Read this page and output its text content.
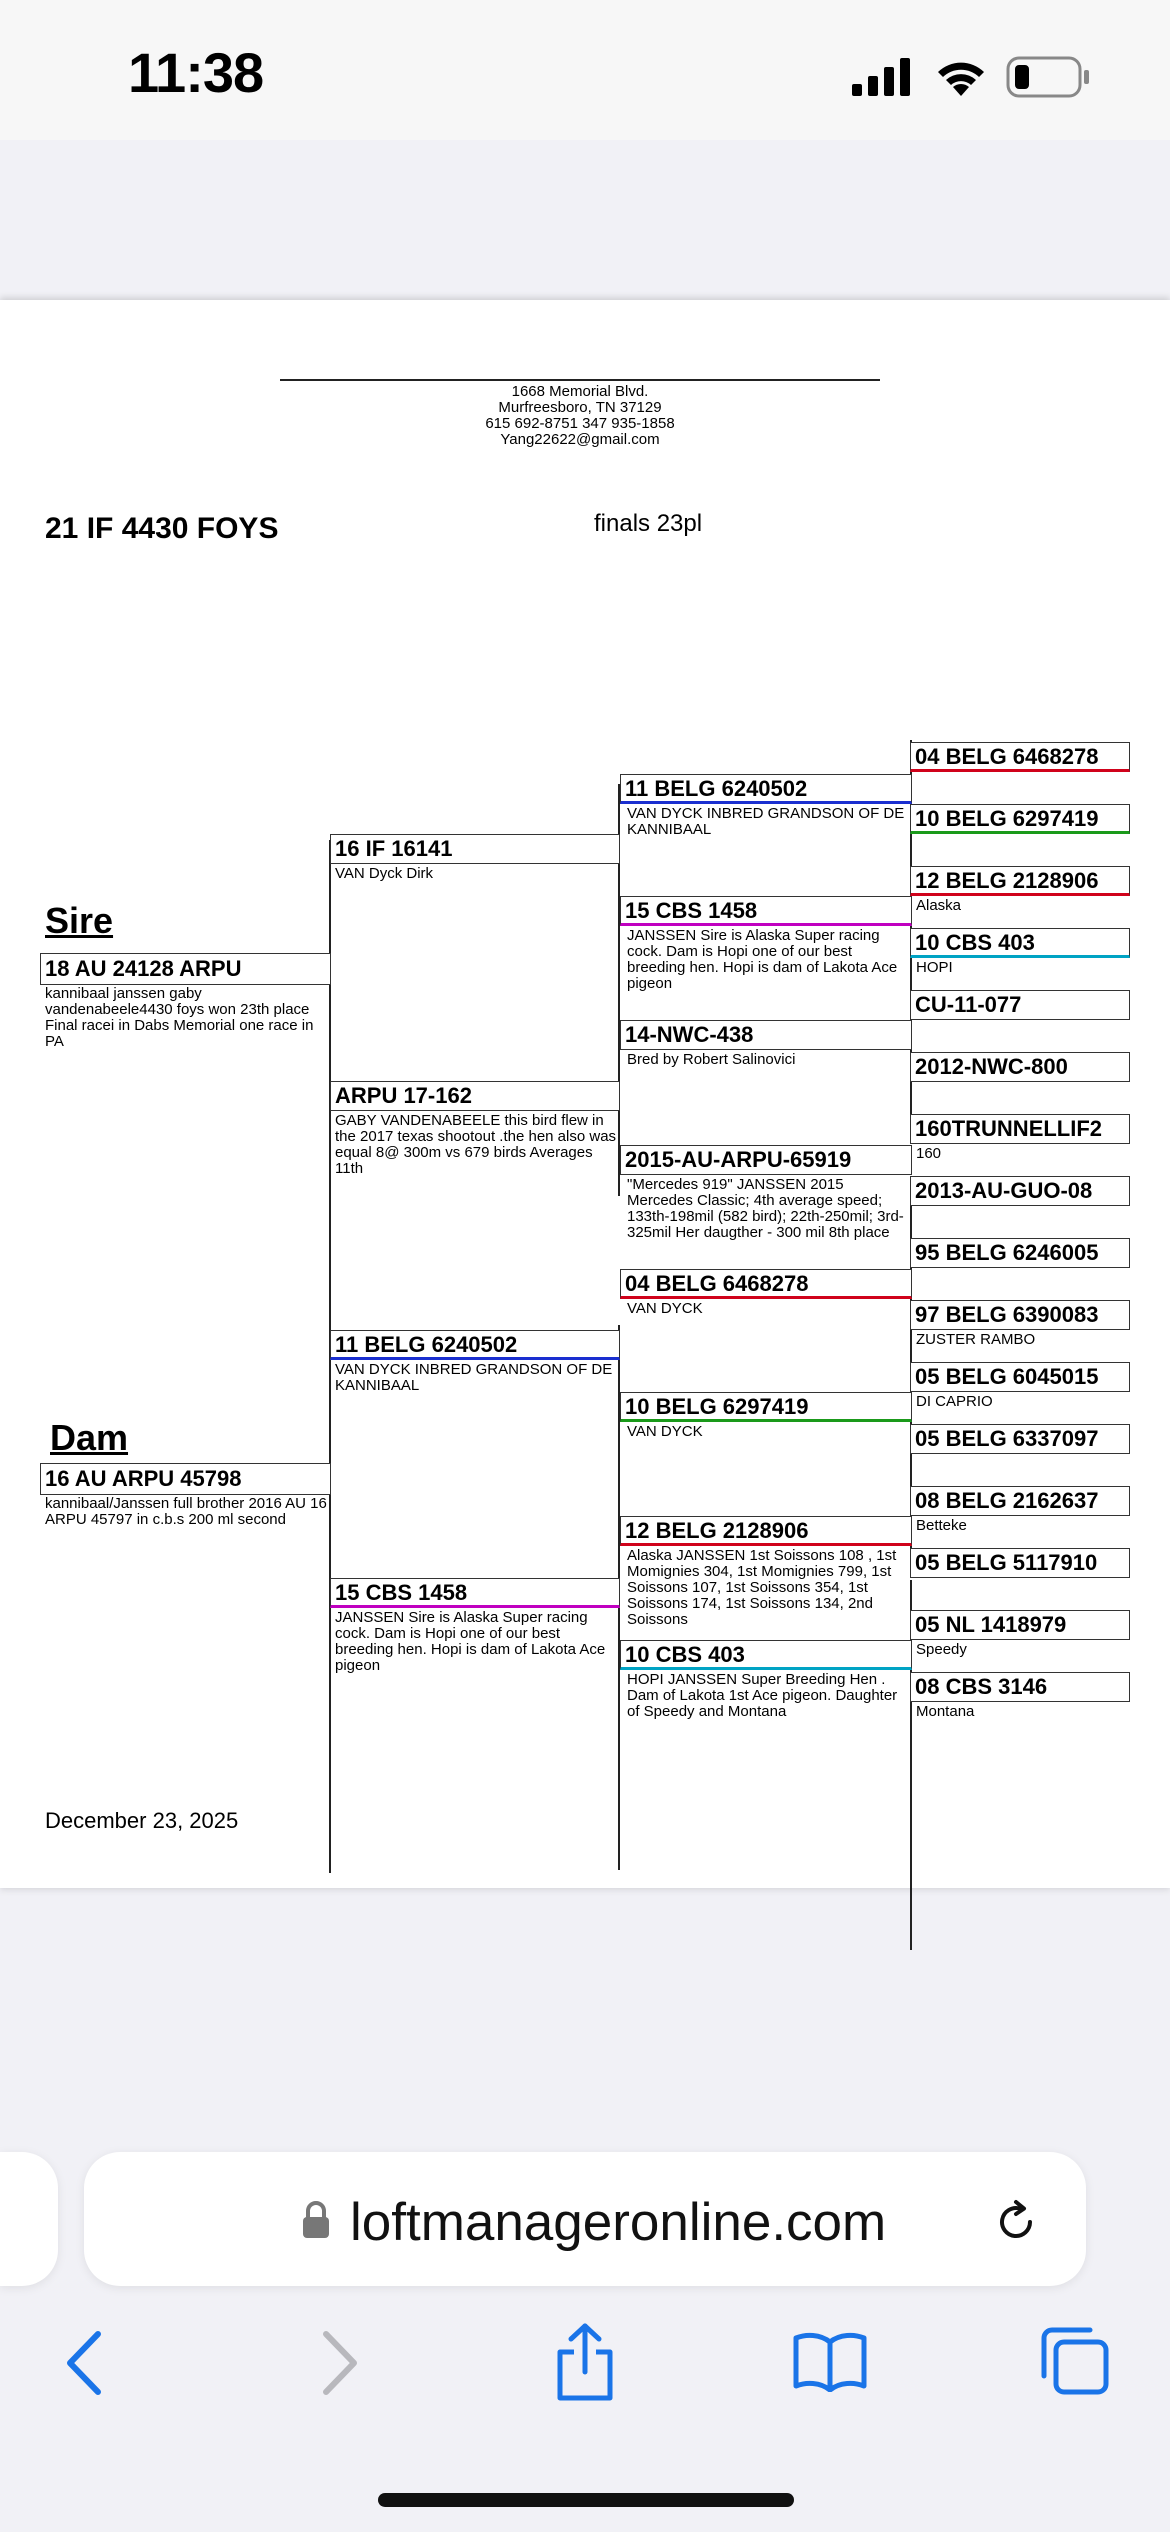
11:38
1668 Memorial Blvd.
Murfreesboro, TN 37129
615 692-8751 347 935-1858
Yang22622@gmail.com
21 IF 4430 FOYS	finals 23pl
Sire
18 AU 24128 ARPU
kannibaal janssen gaby vandenabeele4430 foys won 23th place Final racei in Dabs Memorial one race in PA
Dam
16 AU ARPU 45798
kannibaal/Janssen full brother 2016 AU 16 ARPU 45797 in c.b.s 200 ml second
16 IF 16141
VAN Dyck Dirk
ARPU 17-162
GABY VANDENABEELE this bird flew in the 2017 texas shootout .the hen also was equal 8@ 300m vs 679 birds Averages 11th
11 BELG 6240502
VAN DYCK INBRED GRANDSON OF DE KANNIBAAL
15 CBS 1458
JANSSEN Sire is Alaska Super racing cock. Dam is Hopi one of our best breeding hen. Hopi is dam of Lakota Ace pigeon
11 BELG 6240502
VAN DYCK INBRED GRANDSON OF DE KANNIBAAL
15 CBS 1458
JANSSEN Sire is Alaska Super racing cock. Dam is Hopi one of our best breeding hen. Hopi is dam of Lakota Ace pigeon
14-NWC-438
Bred by Robert Salinovici
2015-AU-ARPU-65919
"Mercedes 919" JANSSEN 2015 Mercedes Classic; 4th average speed; 133th-198mil (582 bird); 22th-250mil; 3rd-325mil Her daugther - 300 mil 8th place
04 BELG 6468278
VAN DYCK
10 BELG 6297419
VAN DYCK
12 BELG 2128906
Alaska JANSSEN 1st Soissons 108 , 1st Momignies 304, 1st Momignies 799, 1st Soissons 107, 1st Soissons 354, 1st Soissons 174, 1st Soissons 134, 2nd Soissons
10 CBS 403
HOPI JANSSEN Super Breeding Hen . Dam of Lakota 1st Ace pigeon. Daughter of Speedy and Montana
04 BELG 6468278
10 BELG 6297419
12 BELG 2128906
Alaska
10 CBS 403
HOPI
CU-11-077
2012-NWC-800
160TRUNNELLIF2
160
2013-AU-GUO-08
95 BELG 6246005
97 BELG 6390083
ZUSTER RAMBO
05 BELG 6045015
DI CAPRIO
05 BELG 6337097
08 BELG 2162637
Betteke
05 BELG 5117910
05 NL 1418979
Speedy
08 CBS 3146
Montana
December 23, 2025
loftmanageronline.com
